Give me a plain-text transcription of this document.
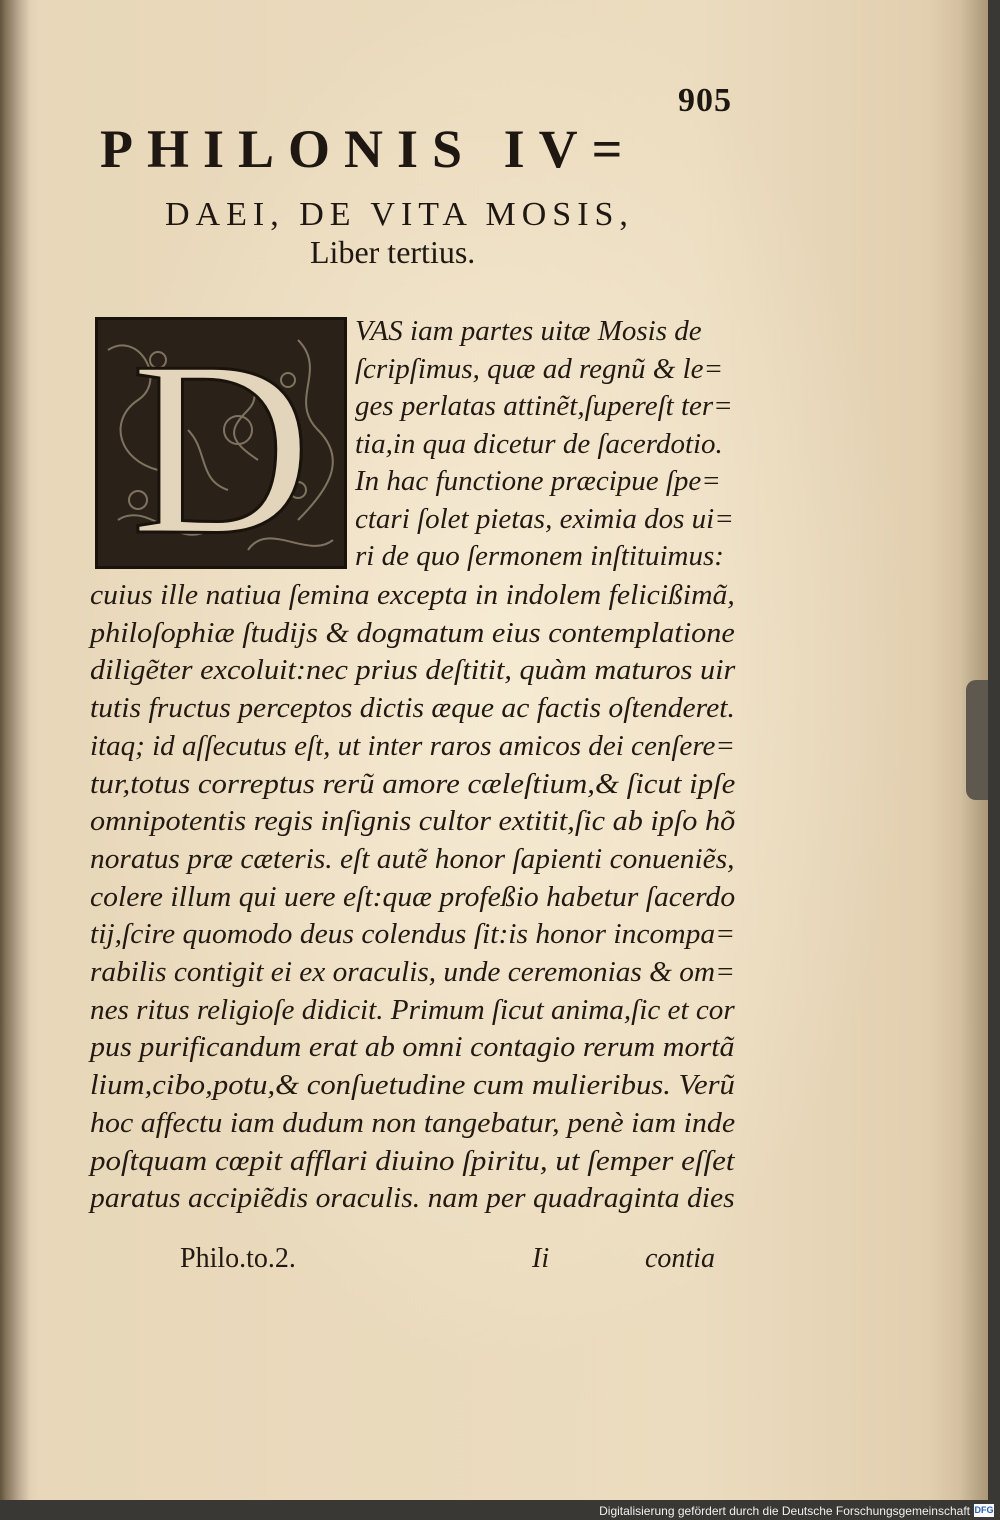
905
PHILONIS IV=
DAEI, DE VITA MOSIS,
Liber tertius.
D VAS iam partes uitæ Mosis de
ſcripſimus, quæ ad regnũ & le=
ges perlatas attinẽt,ſupereſt ter=
tia,in qua dicetur de ſacerdotio.
In hac functione præcipue ſpe=
ctari ſolet pietas, eximia dos ui=
ri de quo ſermonem inſtituimus:
cuius ille natiua ſemina excepta in indolem felicißimã,
philoſophiæ ſtudijs & dogmatum eius contemplatione
diligẽter excoluit:nec prius deſtitit, quàm maturos uir
tutis fructus perceptos dictis æque ac factis oſtenderet.
itaq; id aſſecutus eſt, ut inter raros amicos dei cenſere=
tur,totus correptus rerũ amore cæleſtium,& ſicut ipſe
omnipotentis regis inſignis cultor extitit,ſic ab ipſo hõ
noratus præ cæteris. eſt autẽ honor ſapienti conueniẽs,
colere illum qui uere eſt:quæ profeßio habetur ſacerdo
tij,ſcire quomodo deus colendus ſit:is honor incompa=
rabilis contigit ei ex oraculis, unde ceremonias & om=
nes ritus religioſe didicit. Primum ſicut anima,ſic et cor
pus purificandum erat ab omni contagio rerum mortã
lium,cibo,potu,& conſuetudine cum mulieribus. Verũ
hoc affectu iam dudum non tangebatur, penè iam inde
poſtquam cœpit afflari diuino ſpiritu, ut ſemper eſſet
paratus accipiẽdis oraculis. nam per quadraginta dies
Philo.to.2.	Ii	contia
Digitalisierung gefördert durch die Deutsche Forschungsgemeinschaft DFG
